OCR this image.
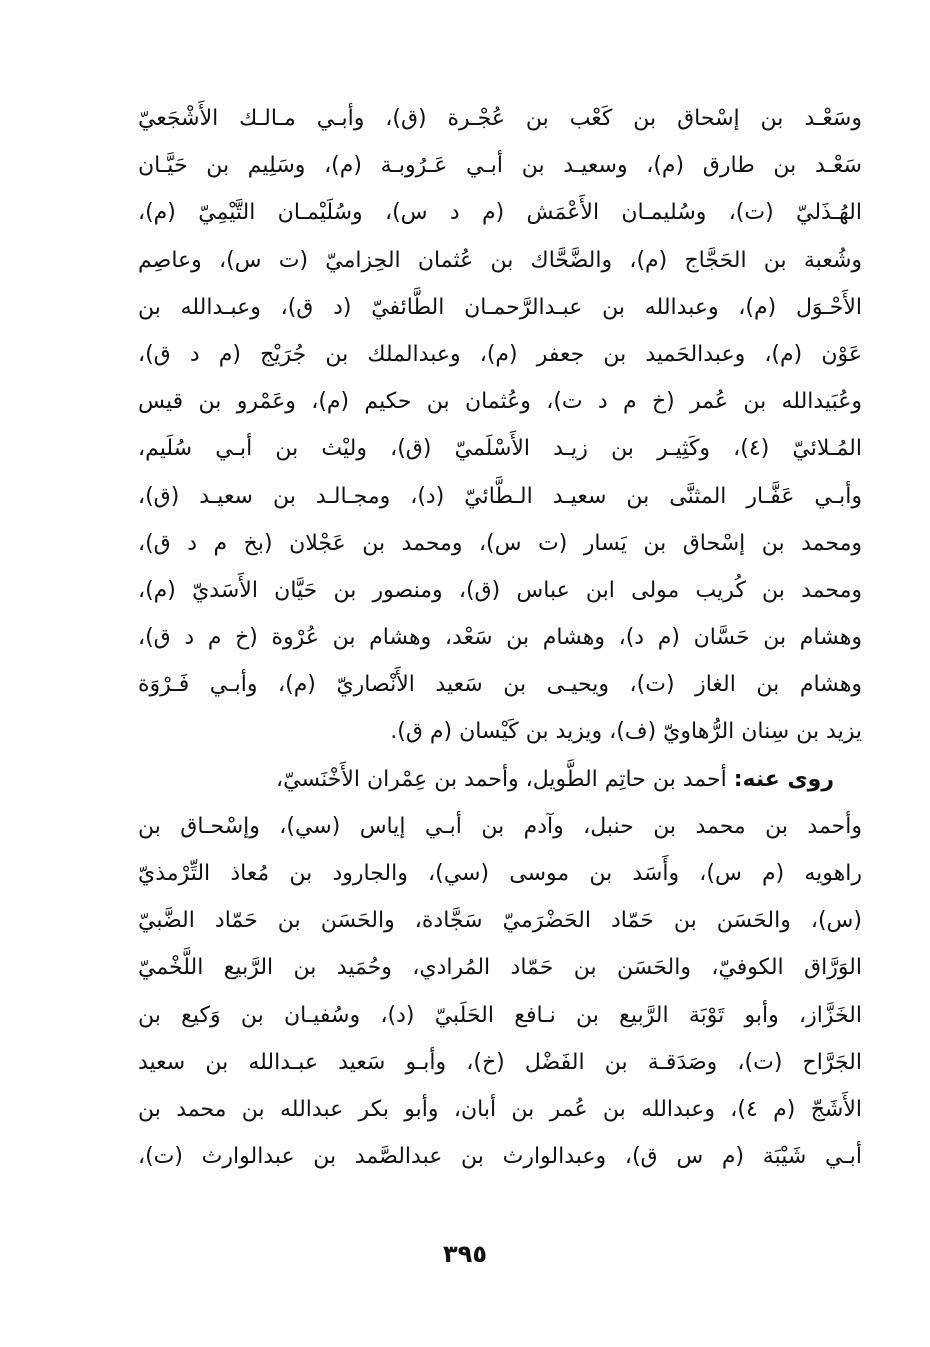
وسَعْـد بن إسْحاق بن كَعْب بن عُجْـرة (ق)، وأبـي مـالـك الأَشْجَعيّ
سَعْـد بن طارق (م)، وسعيـد بن أبـي عَـرُوبـة (م)، وسَلِيم بن حَيَّـان
الهُـذَليّ (ت)، وسُليمـان الأَعْمَش (م د س)، وسُلَيْمـان التَّيْمِيّ (م)،
وشُعبة بن الحَجَّاج (م)، والضَّحَّاك بن عُثمان الحِزاميّ (ت س)، وعاصِم
الأَحْـوَل (م)، وعبدالله بن عبـدالرَّحمـان الطَّائفيّ (د ق)، وعبـدالله بن
عَوْن (م)، وعبدالحَميد بن جعفر (م)، وعبدالملك بن جُرَيْج (م د ق)،
وعُبَيدالله بن عُمر (خ م د ت)، وعُثمان بن حكيم (م)، وعَمْرو بن قيس
المُـلائيّ (٤)، وكَثِيـر بن زيـد الأَسْلَميّ (ق)، وليْث بن أبـي سُلَيم،
وأبـي عَفَّـار المثنَّى بن سعيـد الـطَّائيّ (د)، ومجـالـد بن سعيـد (ق)،
ومحمد بن إسْحاق بن يَسار (ت س)، ومحمد بن عَجْلان (بخ م د ق)،
ومحمد بن كُريب مولى ابن عباس (ق)، ومنصور بن حَيَّان الأَسَديّ (م)،
وهشام بن حَسَّان (م د)، وهشام بن سَعْد، وهشام بن عُرْوة (خ م د ق)،
وهشام بن الغاز (ت)، ويحيـى بن سَعيد الأَنْصاريّ (م)، وأبـي فَـرْوَة
يزيد بن سِنان الرُّهاويّ (ف)، ويزيد بن كَيْسان (م ق).
روى عنه: أحمد بن حاتِم الطَّويل، وأحمد بن عِمْران الأَخْنَسيّ،
وأحمد بن محمد بن حنبل، وآدم بن أبـي إياس (سي)، وإسْحـاق بن
راهويه (م س)، وأَسَد بن موسى (سي)، والجارود بن مُعاذ التِّرْمذيّ
(س)، والحَسَن بن حَمّاد الحَضْرَميّ سَجَّادة، والحَسَن بن حَمّاد الضَّبيّ
الوَرَّاق الكوفيّ، والحَسَن بن حَمّاد المُرادي، وحُمَيد بن الرَّبيع اللَّخْميّ
الخَزَّاز، وأبو تَوْبَة الرَّبيع بن نـافع الحَلَبيّ (د)، وسُفيـان بن وَكيع بن
الجَرَّاح (ت)، وصَدَقـة بن الفَضْل (خ)، وأبـو سَعيد عبـدالله بن سعيد
الأَشَجّ (م ٤)، وعبدالله بن عُمر بن أبان، وأبو بكر عبدالله بن محمد بن
أبـي شَيْبَة (م س ق)، وعبدالوارث بن عبدالصَّمد بن عبدالوارث (ت)،
٣٩٥
